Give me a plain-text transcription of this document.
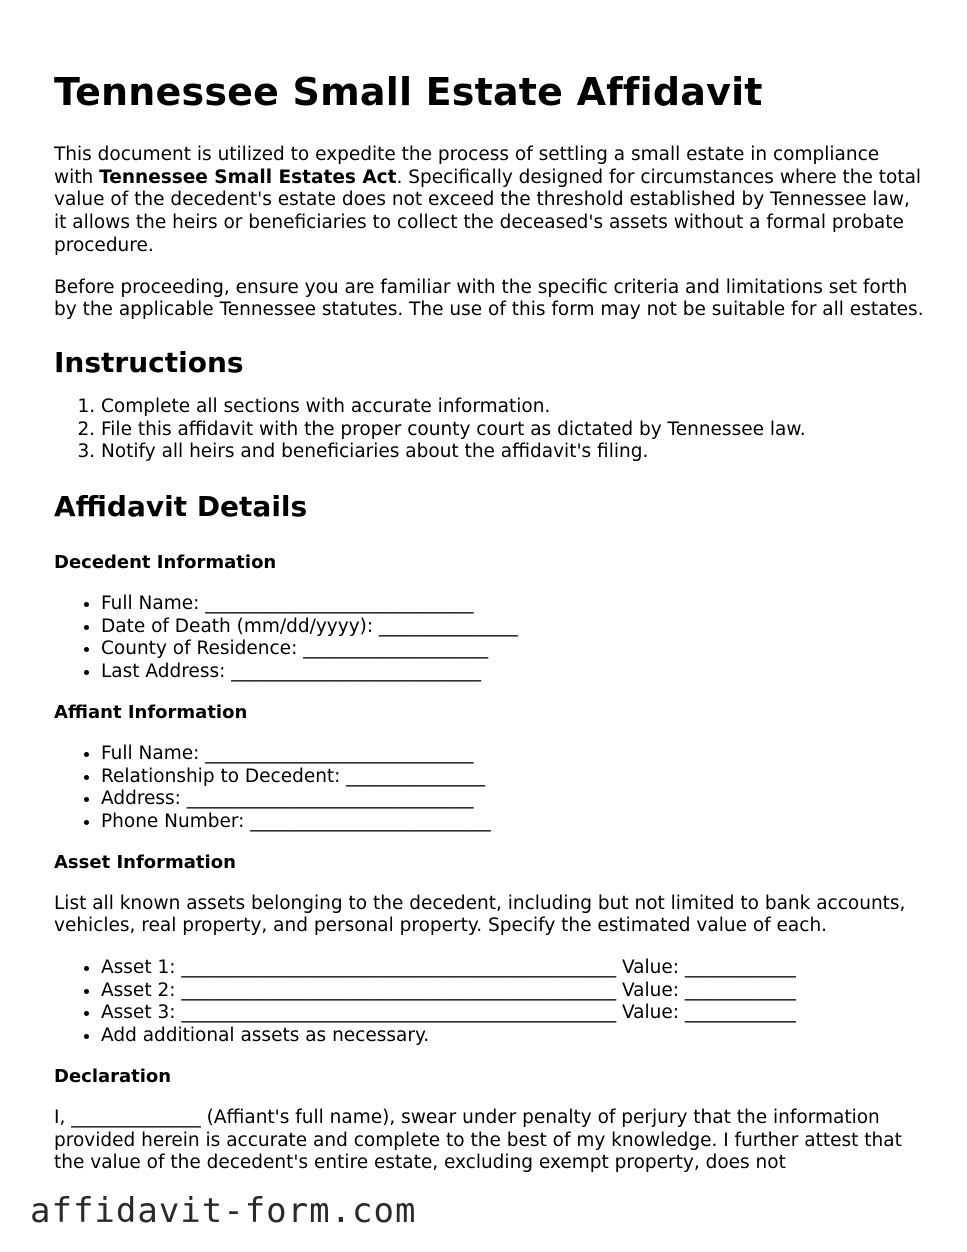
Tennessee Small Estate Affidavit

This document is utilized to expedite the process of settling a small estate in compliance with Tennessee Small Estates Act. Specifically designed for circumstances where the total value of the decedent's estate does not exceed the threshold established by Tennessee law, it allows the heirs or beneficiaries to collect the deceased's assets without a formal probate procedure.

Before proceeding, ensure you are familiar with the specific criteria and limitations set forth by the applicable Tennessee statutes. The use of this form may not be suitable for all estates.

Instructions
1. Complete all sections with accurate information.
2. File this affidavit with the proper county court as dictated by Tennessee law.
3. Notify all heirs and beneficiaries about the affidavit's filing.
Affidavit Details
Decedent Information
• Full Name: _____________________________
• Date of Death (mm/dd/yyyy): _______________
• County of Residence: ____________________
• Last Address: ___________________________
Affiant Information
• Full Name: _____________________________
• Relationship to Decedent: _______________
• Address: _______________________________
• Phone Number: __________________________
Asset Information

List all known assets belonging to the decedent, including but not limited to bank accounts, vehicles, real property, and personal property. Specify the estimated value of each.

• Asset 1: _______________________________________________ Value: ____________
• Asset 2: _______________________________________________ Value: ____________
• Asset 3: _______________________________________________ Value: ____________
• Add additional assets as necessary.
Declaration

I, ______________ (Affiant's full name), swear under penalty of perjury that the information provided herein is accurate and complete to the best of my knowledge. I further attest that the value of the decedent's entire estate, excluding exempt property, does not

affidavit-form.com
